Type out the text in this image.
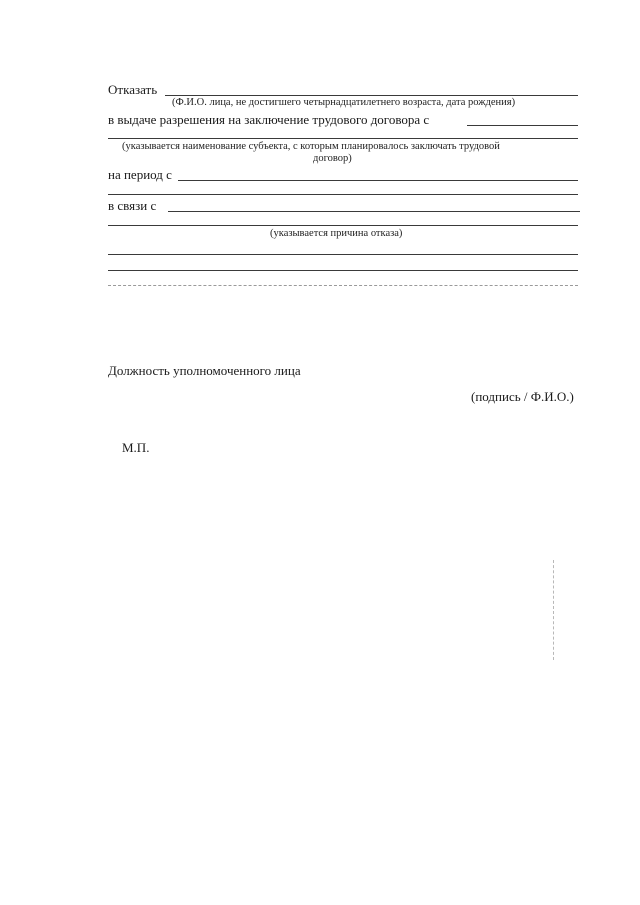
Отказать
(Ф.И.О. лица, не достигшего четырнадцатилетнего возраста, дата рождения)
в выдаче разрешения на заключение трудового договора с
(указывается наименование субъекта, с которым планировалось заключать трудовой
договор)
на период с
в связи с
(указывается причина отказа)
Должность уполномоченного лица
(подпись / Ф.И.О.)
М.П.
